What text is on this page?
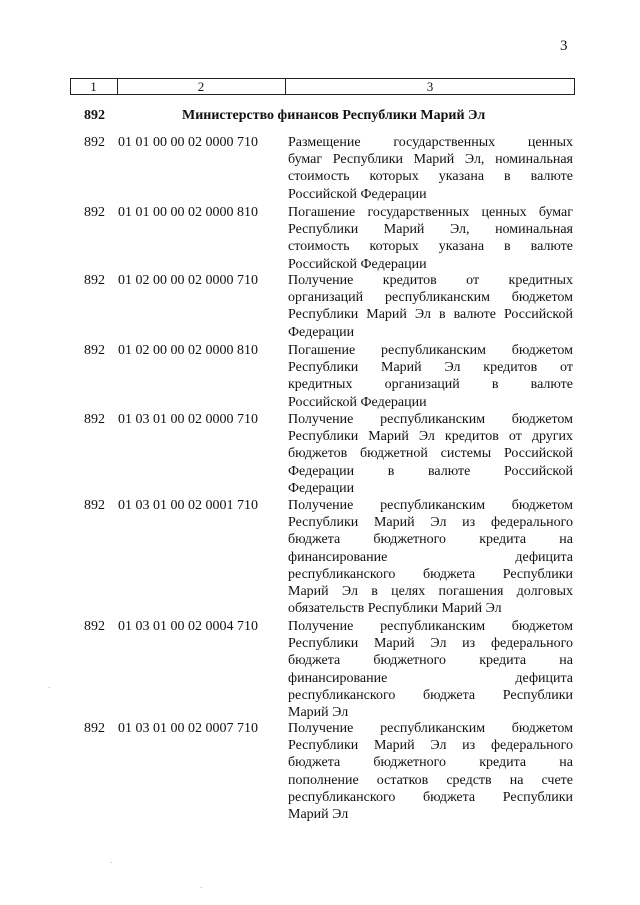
3
1	2	3
892	Министерство финансов Республики Марий Эл
892 01 01 00 00 02 0000 710 Размещение государственных ценных
бумаг Республики Марий Эл, номинальная
стоимость которых указана в валюте
Российской Федерации
892 01 01 00 00 02 0000 810 Погашение государственных ценных бумаг
Республики Марий Эл, номинальная
стоимость которых указана в валюте
Российской Федерации
892 01 02 00 00 02 0000 710 Получение кредитов от кредитных
организаций республиканским бюджетом
Республики Марий Эл в валюте Российской
Федерации
892 01 02 00 00 02 0000 810 Погашение республиканским бюджетом
Республики Марий Эл кредитов от
кредитных организаций в валюте
Российской Федерации
892 01 03 01 00 02 0000 710 Получение республиканским бюджетом
Республики Марий Эл кредитов от других
бюджетов бюджетной системы Российской
Федерации в валюте Российской
Федерации
892 01 03 01 00 02 0001 710 Получение республиканским бюджетом
Республики Марий Эл из федерального
бюджета бюджетного кредита на
финансирование дефицита
республиканского бюджета Республики
Марий Эл в целях погашения долговых
обязательств Республики Марий Эл
892 01 03 01 00 02 0004 710 Получение республиканским бюджетом
Республики Марий Эл из федерального
бюджета бюджетного кредита на
финансирование дефицита
республиканского бюджета Республики
Марий Эл
892 01 03 01 00 02 0007 710 Получение республиканским бюджетом
Республики Марий Эл из федерального
бюджета бюджетного кредита на
пополнение остатков средств на счете
республиканского бюджета Республики
Марий Эл
.
.
.
